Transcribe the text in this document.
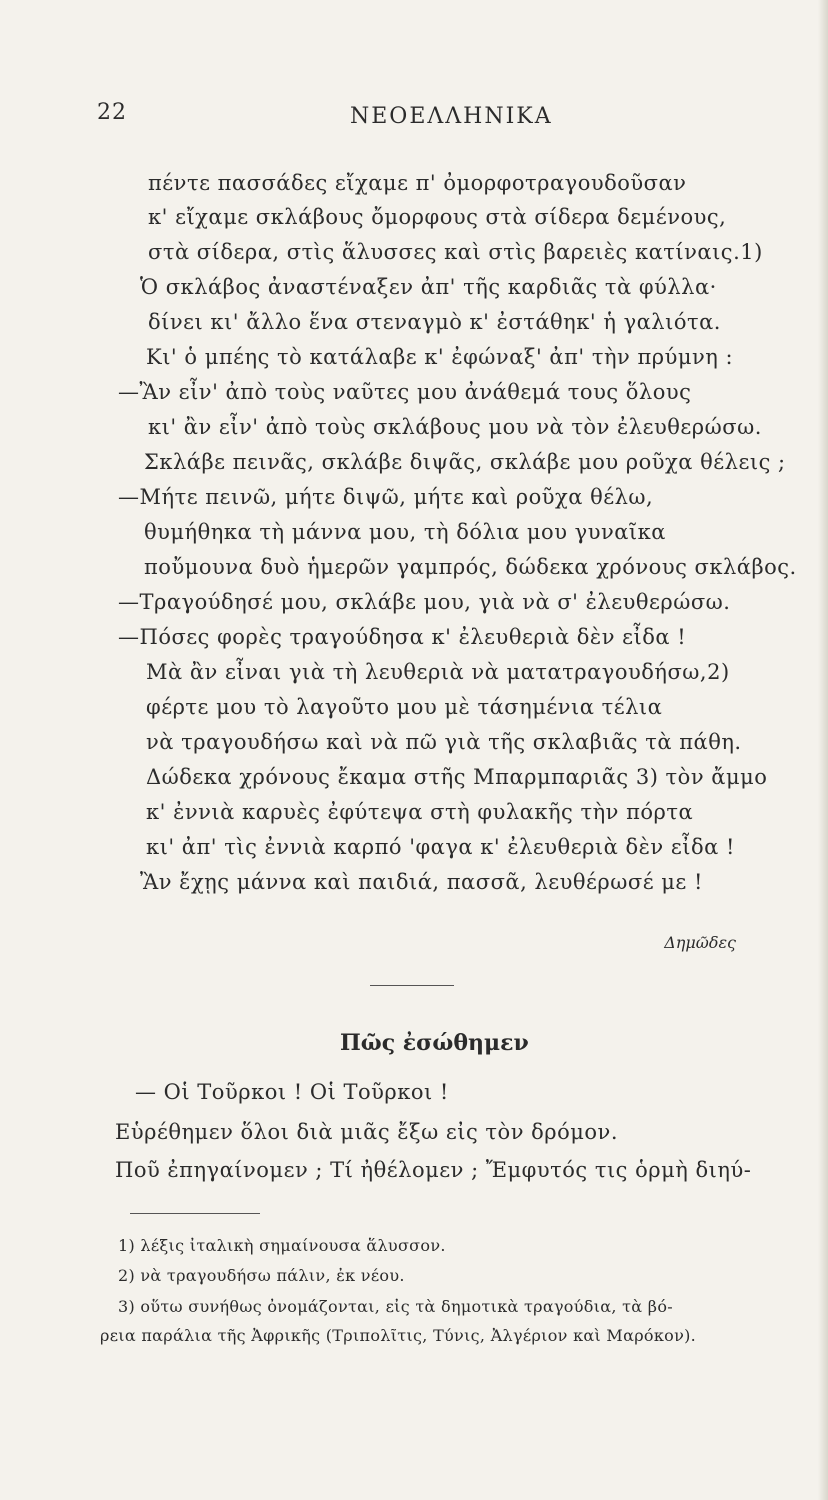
22	ΝΕΟΕΛΛΗΝΙΚΑ
πέντε πασσάδες εἴχαμε π' ὀμορφοτραγουδοῦσαν
κ' εἴχαμε σκλάβους ὄμορφους στὰ σίδερα δεμένους,
στὰ σίδερα, στὶς ἅλυσσες καὶ στὶς βαρειὲς κατίναις.1)
Ὁ σκλάβος ἀναστέναξεν ἀπ' τῆς καρδιᾶς τὰ φύλλα·
δίνει κι' ἄλλο ἕνα στεναγμὸ κ' ἐστάθηκ' ἡ γαλιότα.
Κι' ὁ μπέης τὸ κατάλαβε κ' ἐφώναξ' ἀπ' τὴν πρύμνη :
—Ἂν εἶν' ἀπὸ τοὺς ναῦτες μου ἀνάθεμά τους ὅλους
κι' ἂν εἶν' ἀπὸ τοὺς σκλάβους μου νὰ τὸν ἐλευθερώσω.
Σκλάβε πεινᾶς, σκλάβε διψᾶς, σκλάβε μου ροῦχα θέλεις ;
—Μήτε πεινῶ, μήτε διψῶ, μήτε καὶ ροῦχα θέλω,
θυμήθηκα τὴ μάννα μου, τὴ δόλια μου γυναῖκα
ποὔμουνα δυὸ ἡμερῶν γαμπρός, δώδεκα χρόνους σκλάβος.
—Τραγούδησέ μου, σκλάβε μου, γιὰ νὰ σ' ἐλευθερώσω.
—Πόσες φορὲς τραγούδησα κ' ἐλευθεριὰ δὲν εἶδα !
Μὰ ἂν εἶναι γιὰ τὴ λευθεριὰ νὰ ματατραγουδήσω,2)
φέρτε μου τὸ λαγοῦτο μου μὲ τάσημένια τέλια
νὰ τραγουδήσω καὶ νὰ πῶ γιὰ τῆς σκλαβιᾶς τὰ πάθη.
Δώδεκα χρόνους ἔκαμα στῆς Μπαρμπαριᾶς 3) τὸν ἄμμο
κ' ἐννιὰ καρυὲς ἐφύτεψα στὴ φυλακῆς τὴν πόρτα
κι' ἀπ' τὶς ἐννιὰ καρπό 'φαγα κ' ἐλευθεριὰ δὲν εἶδα !
Ἂν ἔχῃς μάννα καὶ παιδιά, πασσᾶ, λευθέρωσέ με !
Δημῶδες
Πῶς ἐσώθημεν
— Οἱ Τοῦρκοι ! Οἱ Τοῦρκοι !
Εὑρέθημεν ὅλοι διὰ μιᾶς ἔξω εἰς τὸν δρόμον.
Ποῦ ἐπηγαίνομεν ; Τί ἠθέλομεν ; Ἔμφυτός τις ὁρμὴ διηύ-
1) λέξις ἰταλικὴ σημαίνουσα ἅλυσσον.
2) νὰ τραγουδήσω πάλιν, ἐκ νέου.
3) οὕτω συνήθως ὀνομάζονται, εἰς τὰ δημοτικὰ τραγούδια, τὰ βό-
ρεια παράλια τῆς Ἀφρικῆς (Τριπολῖτις, Τύνις, Ἀλγέριον καὶ Μαρόκον).
